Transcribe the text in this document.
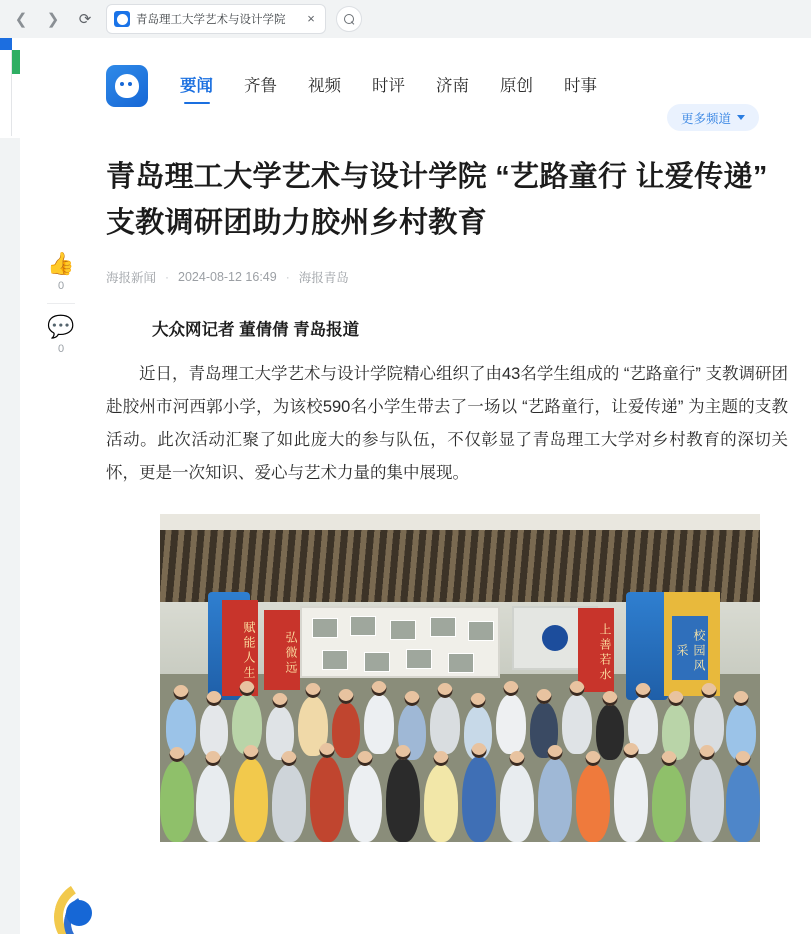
❮	❯	⟳	青岛理工大学艺术与设计学院	×
要闻 齐鲁 视频 时评 济南 原创 时事
更多频道
👍
0
💬
0
青岛理工大学艺术与设计学院 “艺路童行 让爱传递” 支教调研团助力胶州乡村教育
海报新闻 · 2024-08-12 16:49 · 海报青岛
大众网记者 董倩倩 青岛报道

近日，青岛理工大学艺术与设计学院精心组织了由43名学生组成的 “艺路童行” 支教调研团赴胶州市河西郭小学，为该校590名小学生带去了一场以 “艺路童行，让爱传递” 为主题的支教活动。此次活动汇聚了如此庞大的参与队伍，不仅彰显了青岛理工大学对乡村教育的深切关怀，更是一次知识、爱心与艺术力量的集中展现。

赋能人生	弘微远	上善若水	校园风采
